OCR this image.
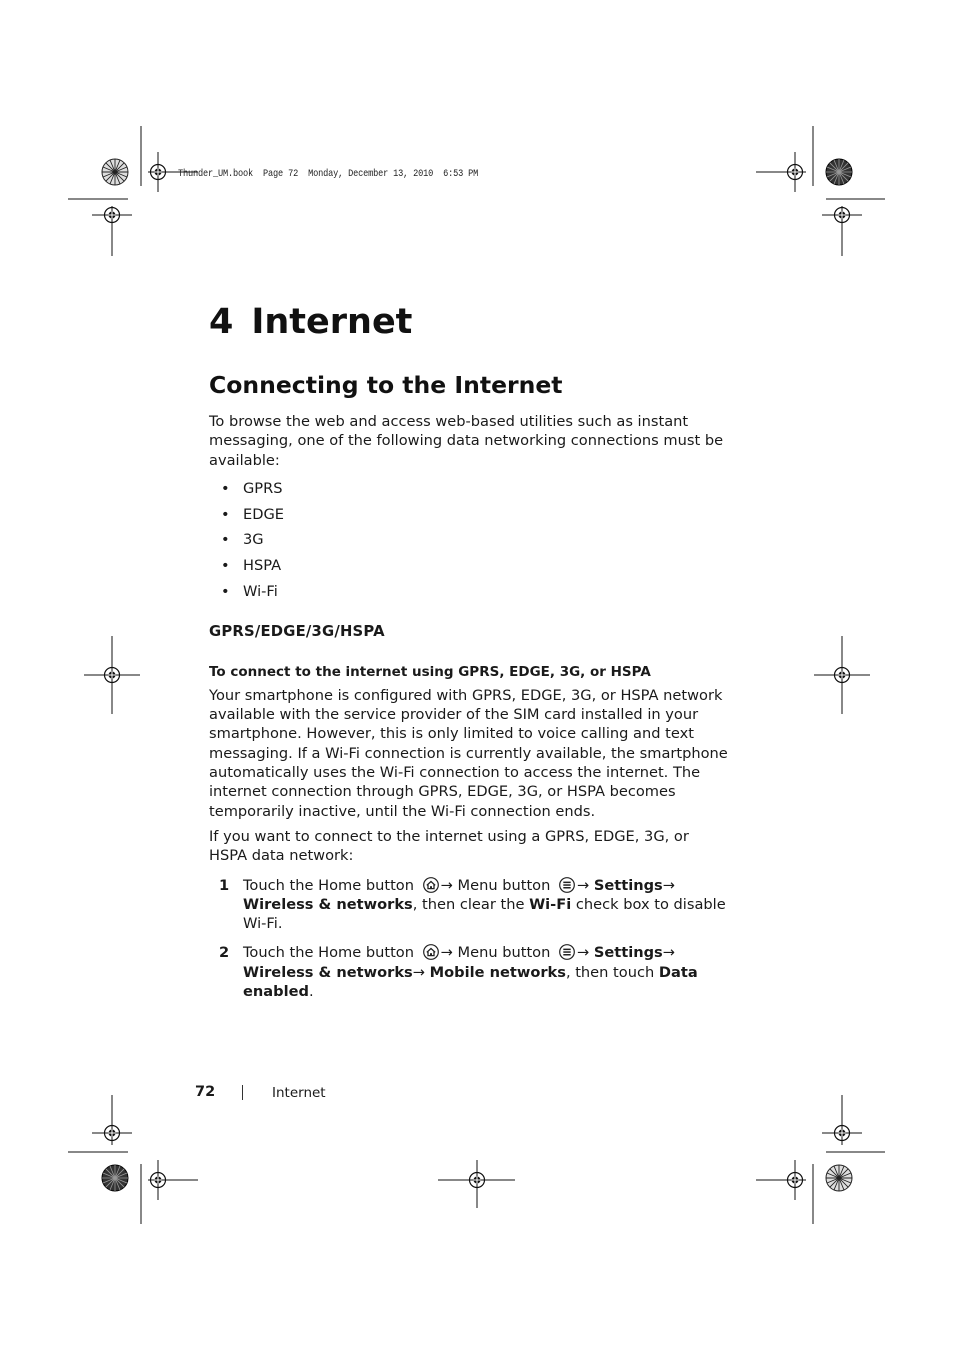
Thunder_UM.book  Page 72  Monday, December 13, 2010  6:53 PM
4 Internet
Connecting to the Internet

To browse the web and access web-based utilities such as instant messaging, one of the following data networking connections must be available:

• GPRS
• EDGE
• 3G
• HSPA
• Wi-Fi
GPRS/EDGE/3G/HSPA
To connect to the internet using GPRS, EDGE, 3G, or HSPA

Your smartphone is configured with GPRS, EDGE, 3G, or HSPA network available with the service provider of the SIM card installed in your smartphone. However, this is only limited to voice calling and text messaging. If a Wi-Fi connection is currently available, the smartphone automatically uses the Wi-Fi connection to access the internet. The internet connection through GPRS, EDGE, 3G, or HSPA becomes temporarily inactive, until the Wi-Fi connection ends.

If you want to connect to the internet using a GPRS, EDGE, 3G, or HSPA data network:

1 Touch the Home button → Menu button → Settings→ Wireless & networks, then clear the Wi-Fi check box to disable Wi-Fi.
2 Touch the Home button → Menu button → Settings→ Wireless & networks→ Mobile networks, then touch Data enabled.
72	Internet
